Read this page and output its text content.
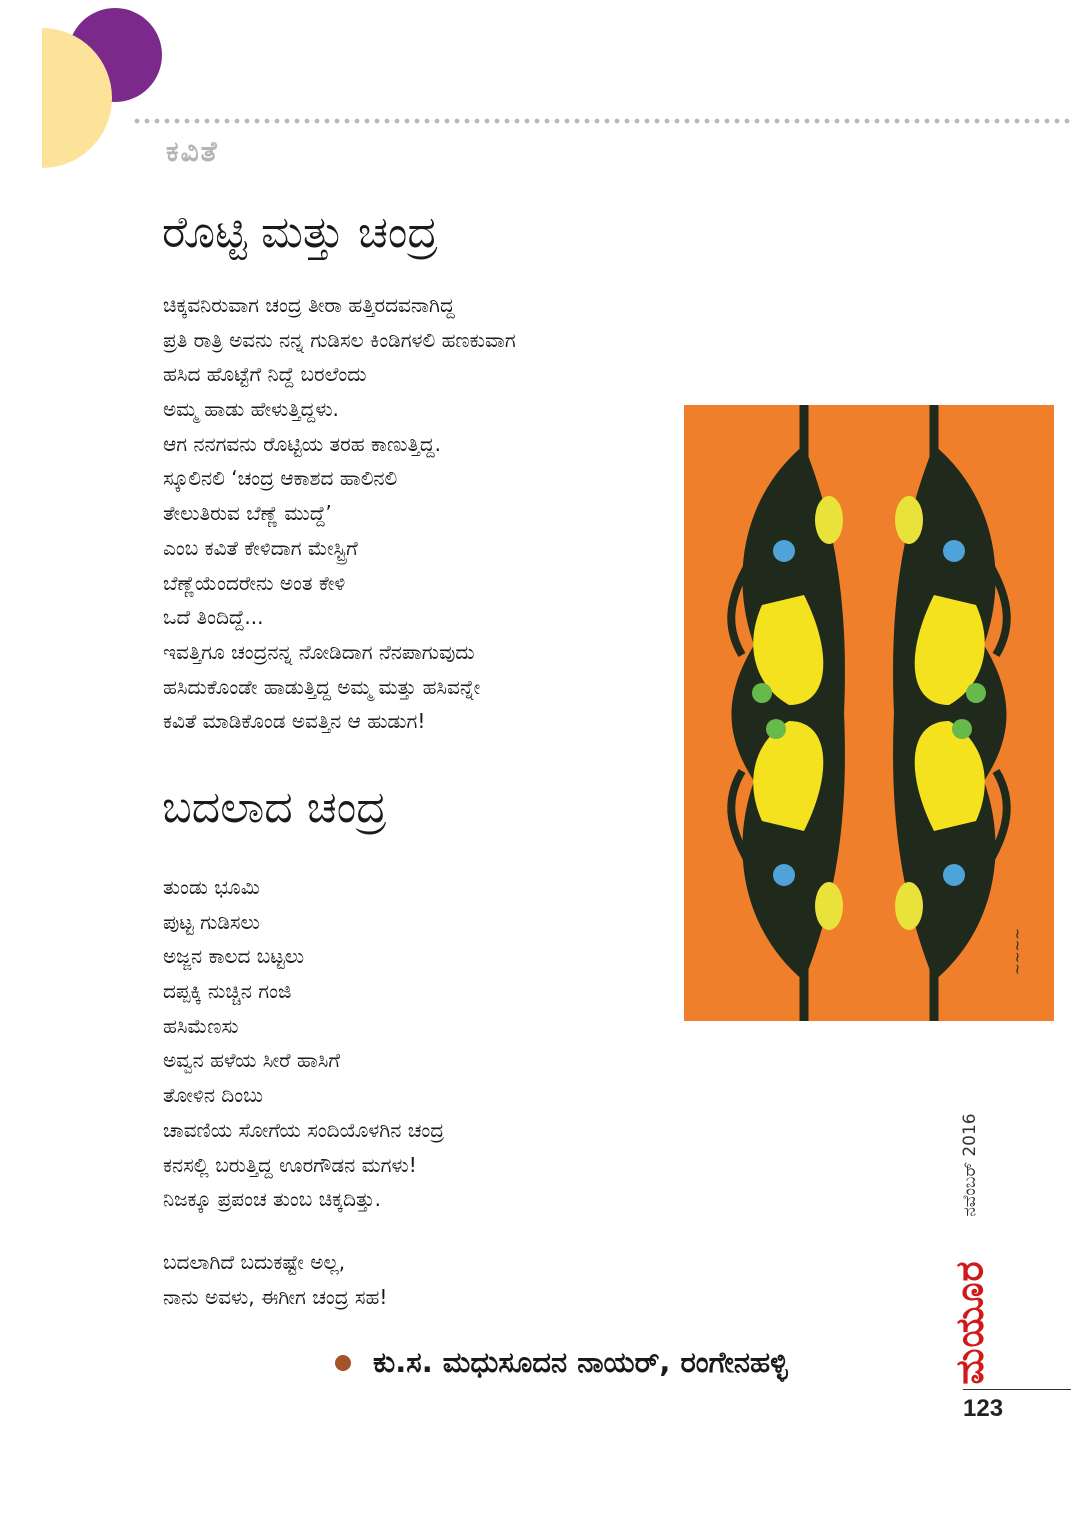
ಕವಿತೆ
ರೊಟ್ಟಿ ಮತ್ತು ಚಂದ್ರ
ಚಿಕ್ಕವನಿರುವಾಗ ಚಂದ್ರ ತೀರಾ ಹತ್ತಿರದವನಾಗಿದ್ದ
ಪ್ರತಿ ರಾತ್ರಿ ಅವನು ನನ್ನ ಗುಡಿಸಲ ಕಿಂಡಿಗಳಲಿ ಹಣಕುವಾಗ
ಹಸಿದ ಹೊಟ್ಟೆಗೆ ನಿದ್ದೆ ಬರಲೆಂದು
ಅಮ್ಮ ಹಾಡು ಹೇಳುತ್ತಿದ್ದಳು.
ಆಗ ನನಗವನು ರೊಟ್ಟಿಯ ತರಹ ಕಾಣುತ್ತಿದ್ದ.
ಸ್ಕೂಲಿನಲಿ ‘ಚಂದ್ರ ಆಕಾಶದ ಹಾಲಿನಲಿ
ತೇಲುತಿರುವ ಬೆಣ್ಣೆ ಮುದ್ದೆ’
ಎಂಬ ಕವಿತೆ ಕೇಳಿದಾಗ ಮೇಸ್ಟ್ರಿಗೆ
ಬೆಣ್ಣೆಯೆಂದರೇನು ಅಂತ ಕೇಳಿ
ಒದೆ ತಿಂದಿದ್ದೆ...
ಇವತ್ತಿಗೂ ಚಂದ್ರನನ್ನ ನೋಡಿದಾಗ ನೆನಪಾಗುವುದು
ಹಸಿದುಕೊಂಡೇ ಹಾಡುತ್ತಿದ್ದ ಅಮ್ಮ ಮತ್ತು ಹಸಿವನ್ನೇ
ಕವಿತೆ ಮಾಡಿಕೊಂಡ ಅವತ್ತಿನ ಆ ಹುಡುಗ!
ಬದಲಾದ ಚಂದ್ರ
ತುಂಡು ಭೂಮಿ
ಪುಟ್ಟ ಗುಡಿಸಲು
ಅಜ್ಜನ ಕಾಲದ ಬಟ್ಟಲು
ದಪ್ಪಕ್ಕಿ ನುಚ್ಚಿನ ಗಂಜಿ
ಹಸಿಮೆಣಸು
ಅವ್ವನ ಹಳೆಯ ಸೀರೆ ಹಾಸಿಗೆ
ತೋಳಿನ ದಿಂಬು
ಚಾವಣಿಯ ಸೋಗೆಯ ಸಂದಿಯೊಳಗಿನ ಚಂದ್ರ
ಕನಸಲ್ಲಿ ಬರುತ್ತಿದ್ದ ಊರಗೌಡನ ಮಗಳು!
ನಿಜಕ್ಕೂ ಪ್ರಪಂಚ ತುಂಬ ಚಿಕ್ಕದಿತ್ತು.
ಬದಲಾಗಿದೆ ಬದುಕಷ್ಟೇ ಅಲ್ಲ,
ನಾನು ಅವಳು, ಈಗೀಗ ಚಂದ್ರ ಸಹ!
~~~~
ಕು.ಸ. ಮಧುಸೂದನ ನಾಯರ್, ರಂಗೇನಹಳ್ಳಿ
ನವೆಂಬರ್ 2016
ಮಯೂರ
123
